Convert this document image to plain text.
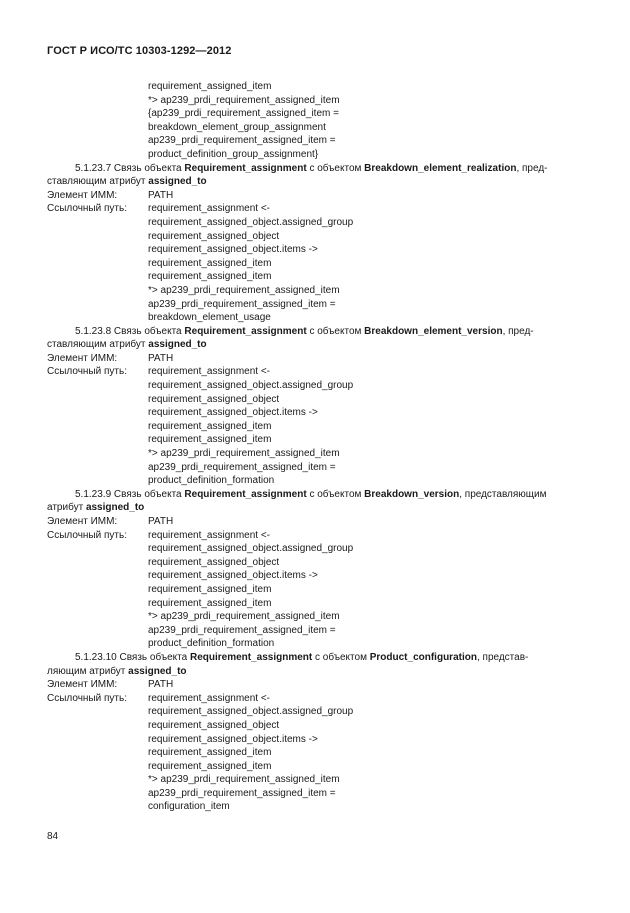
ГОСТ Р ИСО/ТС 10303-1292—2012
requirement_assigned_item
*> ap239_prdi_requirement_assigned_item
{ap239_prdi_requirement_assigned_item =
breakdown_element_group_assignment
ap239_prdi_requirement_assigned_item =
product_definition_group_assignment}
5.1.23.7 Связь объекта Requirement_assignment с объектом Breakdown_element_realization, пред-
ставляющим атрибут assigned_to
Элемент ИММ:	PATH
Ссылочный путь:	requirement_assignment <-
requirement_assigned_object.assigned_group
requirement_assigned_object
requirement_assigned_object.items ->
requirement_assigned_item
requirement_assigned_item
*> ap239_prdi_requirement_assigned_item
ap239_prdi_requirement_assigned_item =
breakdown_element_usage
5.1.23.8 Связь объекта Requirement_assignment с объектом Breakdown_element_version, пред-
ставляющим атрибут assigned_to
Элемент ИММ:	PATH
Ссылочный путь:	requirement_assignment <-
requirement_assigned_object.assigned_group
requirement_assigned_object
requirement_assigned_object.items ->
requirement_assigned_item
requirement_assigned_item
*> ap239_prdi_requirement_assigned_item
ap239_prdi_requirement_assigned_item =
product_definition_formation
5.1.23.9 Связь объекта Requirement_assignment с объектом Breakdown_version, представляющим
атрибут assigned_to
Элемент ИММ:	PATH
Ссылочный путь:	requirement_assignment <-
requirement_assigned_object.assigned_group
requirement_assigned_object
requirement_assigned_object.items ->
requirement_assigned_item
requirement_assigned_item
*> ap239_prdi_requirement_assigned_item
ap239_prdi_requirement_assigned_item =
product_definition_formation
5.1.23.10 Связь объекта Requirement_assignment с объектом Product_configuration, представ-
ляющим атрибут assigned_to
Элемент ИММ:	PATH
Ссылочный путь:	requirement_assignment <-
requirement_assigned_object.assigned_group
requirement_assigned_object
requirement_assigned_object.items ->
requirement_assigned_item
requirement_assigned_item
*> ap239_prdi_requirement_assigned_item
ap239_prdi_requirement_assigned_item =
configuration_item
84
